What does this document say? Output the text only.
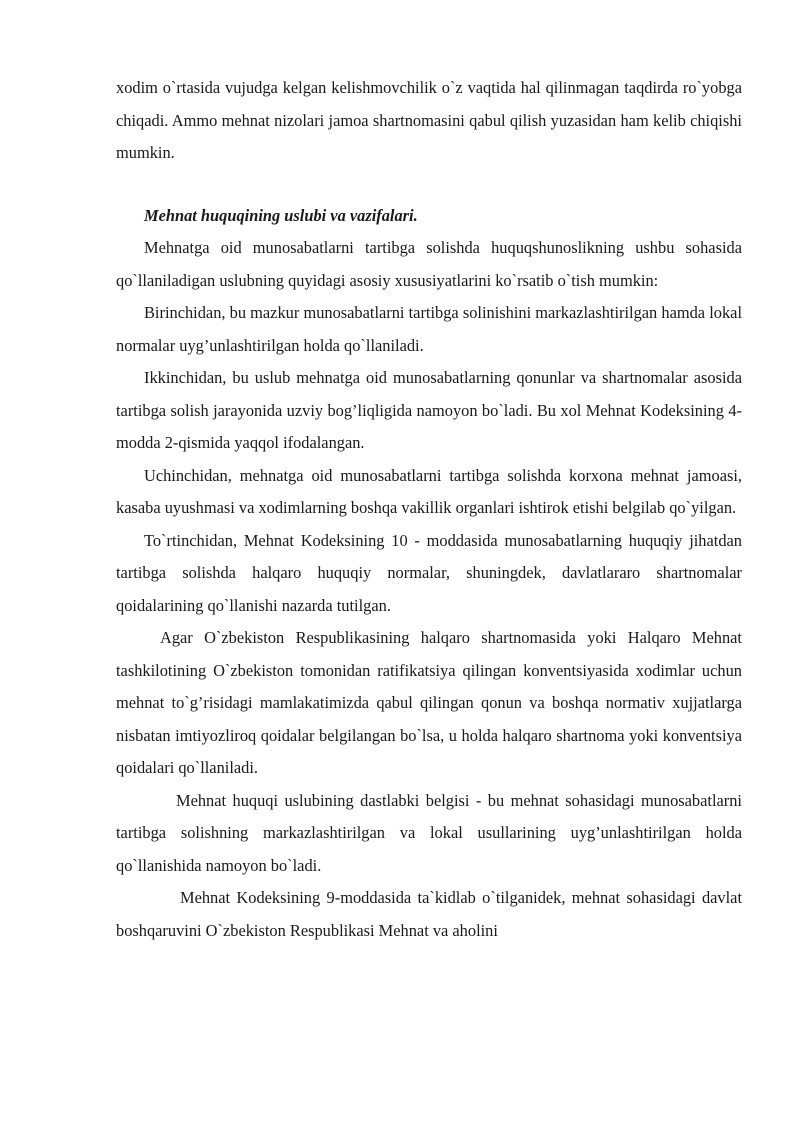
xodim o`rtasida vujudga kelgan kelishmovchilik o`z vaqtida hal qilinmagan taqdirda ro`yobga chiqadi. Ammo mehnat nizolari jamoa shartnomasini qabul qilish yuzasidan ham kelib chiqishi mumkin.

Mehnat huquqining uslubi va vazifalari.

Mehnatga oid munosabatlarni tartibga solishda huquqshunoslikning ushbu sohasida qo`llaniladigan uslubning quyidagi asosiy xususiyatlarini ko`rsatib o`tish mumkin:

Birinchidan, bu mazkur munosabatlarni tartibga solinishini markazlashtirilgan hamda lokal normalar uyg’unlashtirilgan holda qo`llaniladi.

Ikkinchidan, bu uslub mehnatga oid munosabatlarning qonunlar va shartnomalar asosida tartibga solish jarayonida uzviy bog’liqligida namoyon bo`ladi. Bu xol Mehnat Kodeksining 4-modda 2-qismida yaqqol ifodalangan.

Uchinchidan, mehnatga oid munosabatlarni tartibga solishda korxona mehnat jamoasi, kasaba uyushmasi va xodimlarning boshqa vakillik organlari ishtirok etishi belgilab qo`yilgan.

To`rtinchidan, Mehnat Kodeksining 10 - moddasida munosabatlarning huquqiy jihatdan tartibga solishda halqaro huquqiy normalar, shuningdek, davlatlararo shartnomalar qoidalarining qo`llanishi nazarda tutilgan.

Agar O`zbekiston Respublikasining halqaro shartnomasida yoki Halqaro Mehnat tashkilotining O`zbekiston tomonidan ratifikatsiya qilingan konventsiyasida xodimlar uchun mehnat to`g’risidagi mamlakatimizda qabul qilingan qonun va boshqa normativ xujjatlarga nisbatan imtiyozliroq qoidalar belgilangan bo`lsa, u holda halqaro shartnoma yoki konventsiya qoidalari qo`llaniladi.

Mehnat huquqi uslubining dastlabki belgisi - bu mehnat sohasidagi munosabatlarni tartibga solishning markazlashtirilgan va lokal usullarining uyg’unlashtirilgan holda qo`llanishida namoyon bo`ladi.

Mehnat Kodeksining 9-moddasida ta`kidlab o`tilganidek, mehnat sohasidagi davlat boshqaruvini O`zbekiston Respublikasi Mehnat va aholini
